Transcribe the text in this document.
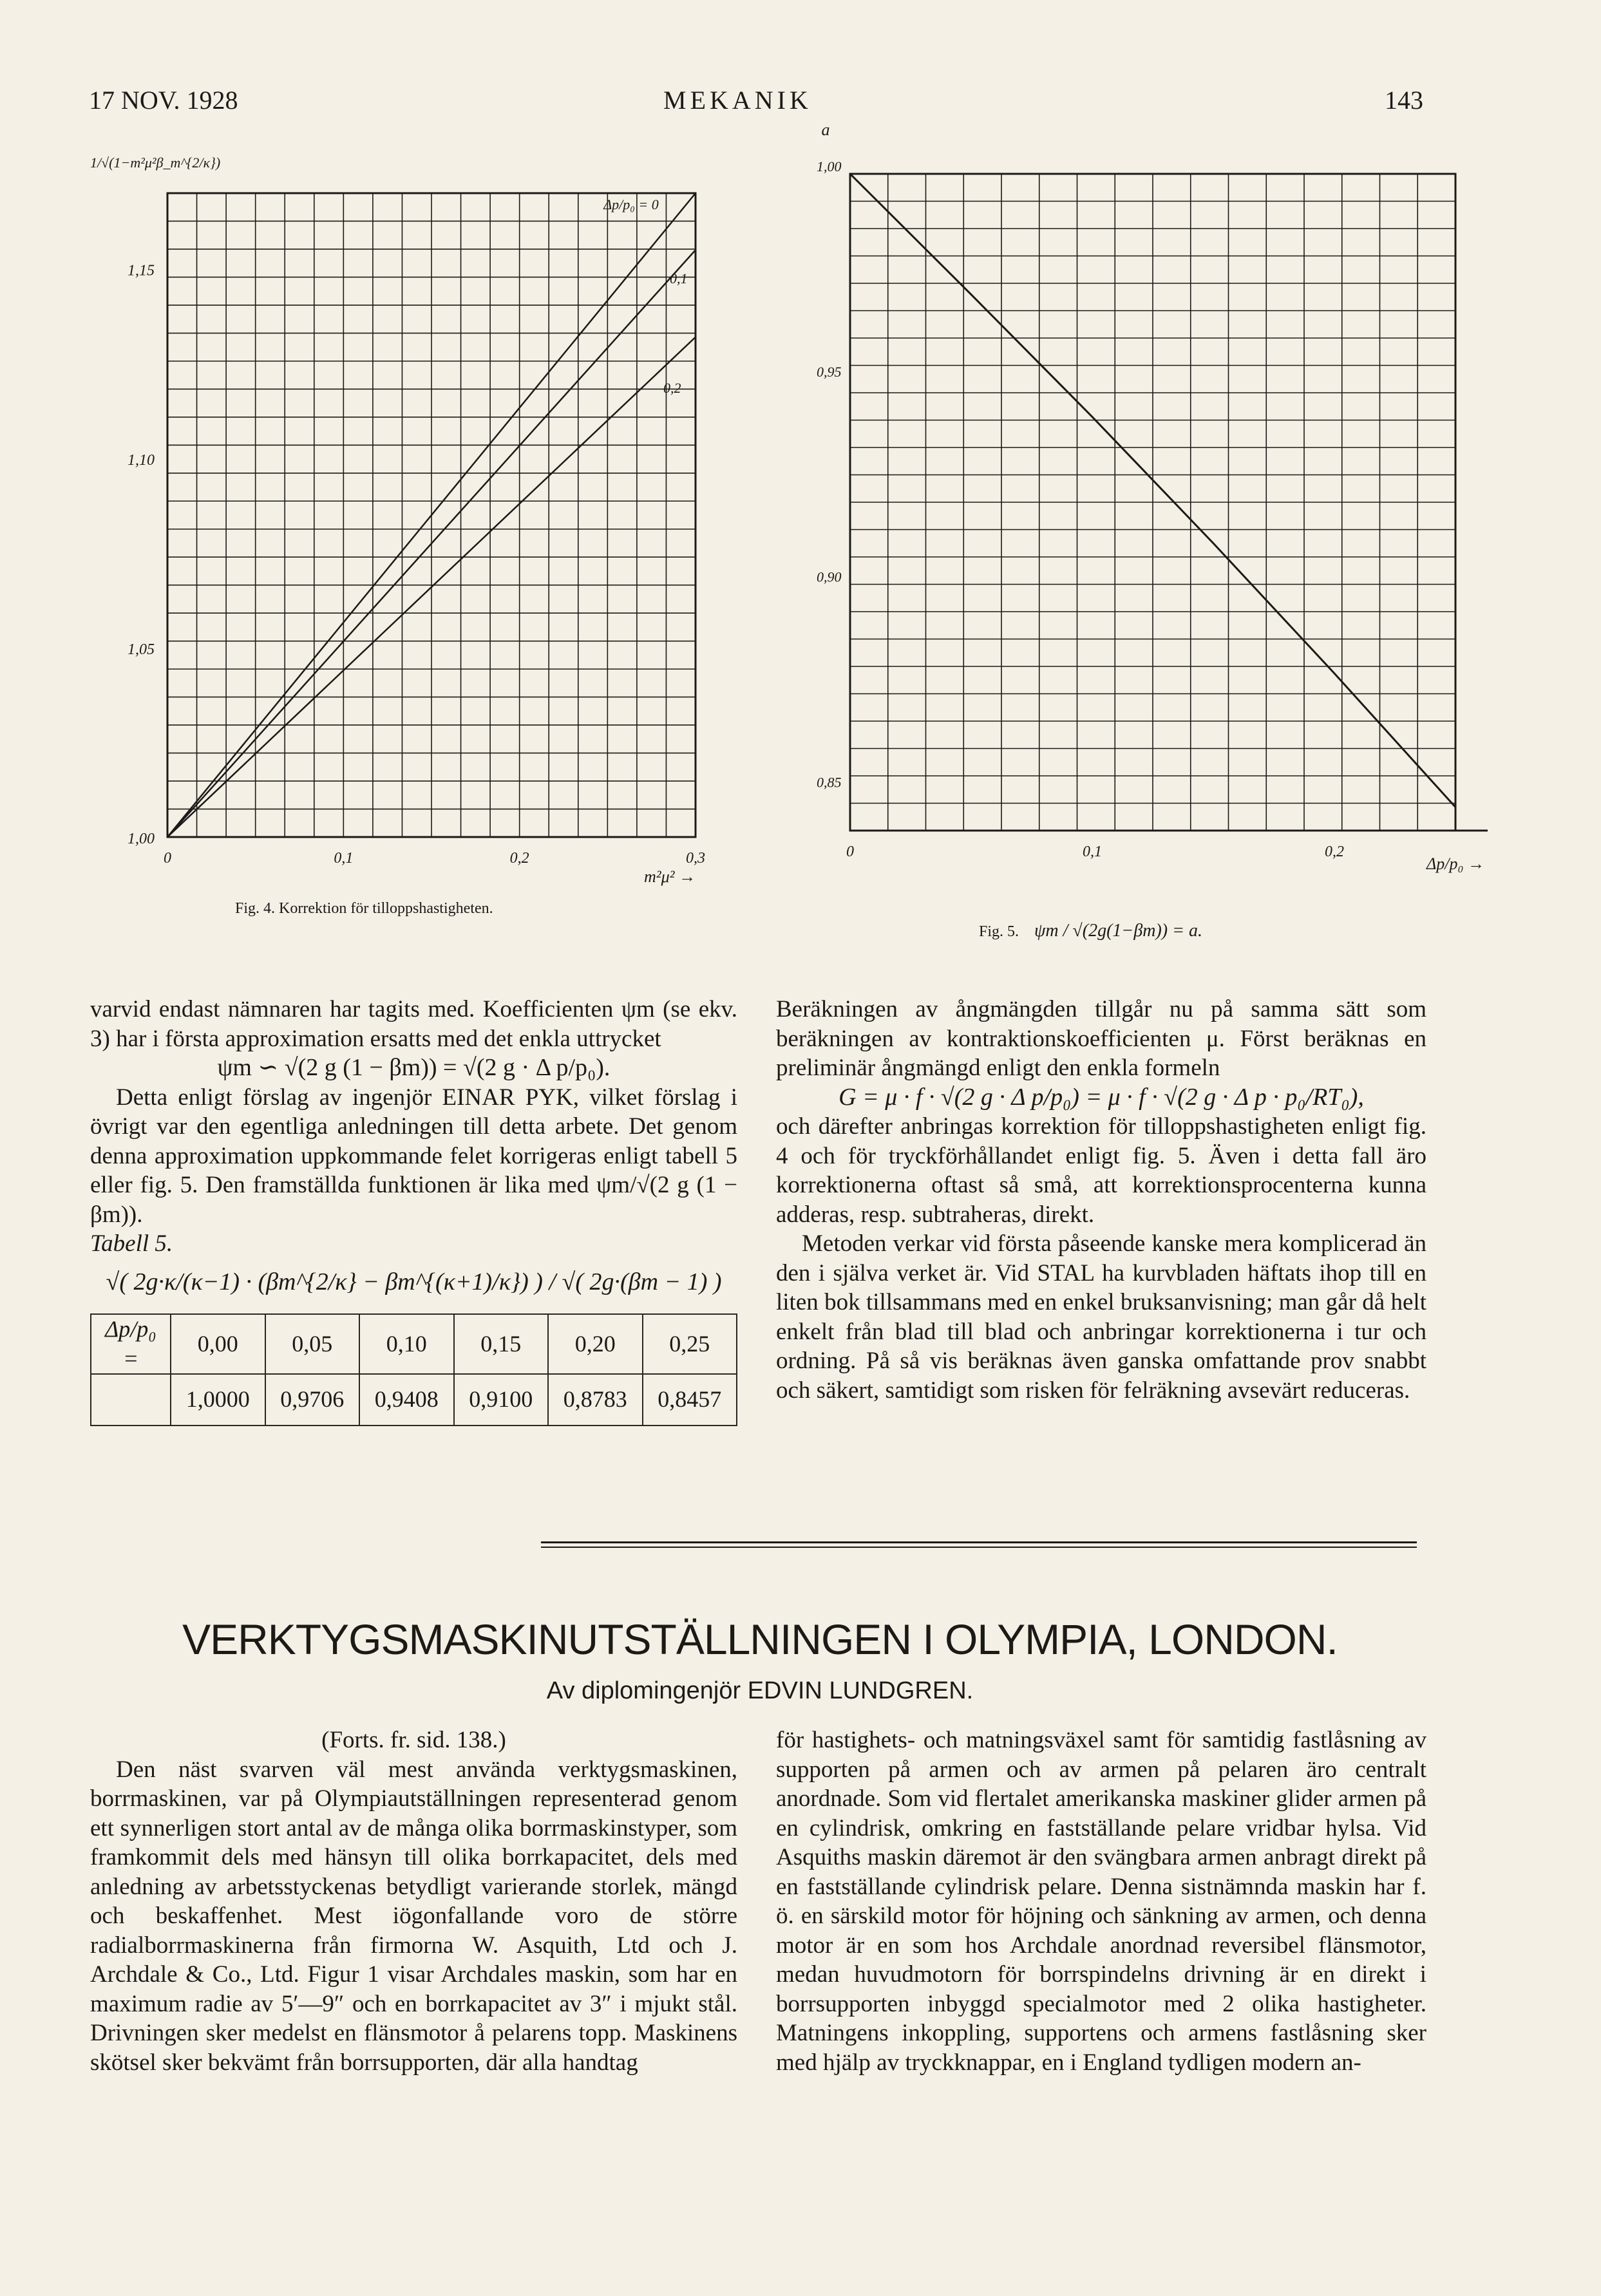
17 NOV. 1928	MEKANIK	143
1,15
1,10
1,05
1,00
0	0,1	0,2	0,3
1/√(1−m²μ²β_m^{2/κ})
m²μ² →
Δp/p₀ = 0
0,1
0,2
Fig. 4. Korrektion för tilloppshastigheten.
1,00
0,95
0,90
0,85
0	0,1	0,2
a
Δp/p₀ →
Fig. 5. ψm / √(2g(1−βm)) = a.

varvid endast nämnaren har tagits med. Koefficienten ψm (se ekv. 3) har i första approximation ersatts med det enkla uttrycket

ψm ∽ √(2 g (1 − βm)) = √(2 g · Δ p/p₀).

Detta enligt förslag av ingenjör EINAR PYK, vilket förslag i övrigt var den egentliga anledningen till detta arbete. Det genom denna approximation uppkommande felet korrigeras enligt tabell 5 eller fig. 5. Den framställda funktionen är lika med ψm/√(2 g (1 − βm)).

Tabell 5.

√( 2g·κ/(κ−1) · (βm^{2/κ} − βm^{(κ+1)/κ}) ) / √( 2g·(βm − 1) )

Δp/p₀ =	0,00	0,05	0,10	0,15	0,20	0,25
	1,0000	0,9706	0,9408	0,9100	0,8783	0,8457

Beräkningen av ångmängden tillgår nu på samma sätt som beräkningen av kontraktionskoefficienten μ. Först beräknas en preliminär ångmängd enligt den enkla formeln

G = μ · f · √(2 g · Δ p/p₀) = μ · f · √(2 g · Δ p · p₀/RT₀),

och därefter anbringas korrektion för tilloppshastigheten enligt fig. 4 och för tryckförhållandet enligt fig. 5. Även i detta fall äro korrektionerna oftast så små, att korrektionsprocenterna kunna adderas, resp. subtraheras, direkt.

Metoden verkar vid första påseende kanske mera komplicerad än den i själva verket är. Vid STAL ha kurvbladen häftats ihop till en liten bok tillsammans med en enkel bruksanvisning; man går då helt enkelt från blad till blad och anbringar korrektionerna i tur och ordning. På så vis beräknas även ganska omfattande prov snabbt och säkert, samtidigt som risken för felräkning avsevärt reduceras.

VERKTYGSMASKINUTSTÄLLNINGEN I OLYMPIA, LONDON.
Av diplomingenjör EDVIN LUNDGREN.

(Forts. fr. sid. 138.)

Den näst svarven väl mest använda verktygsmaskinen, borrmaskinen, var på Olympiautställningen representerad genom ett synnerligen stort antal av de många olika borrmaskinstyper, som framkommit dels med hänsyn till olika borrkapacitet, dels med anledning av arbetsstyckenas betydligt varierande storlek, mängd och beskaffenhet. Mest iögonfallande voro de större radialborrmaskinerna från firmorna W. Asquith, Ltd och J. Archdale & Co., Ltd. Figur 1 visar Archdales maskin, som har en maximum radie av 5′—9″ och en borrkapacitet av 3″ i mjukt stål. Drivningen sker medelst en flänsmotor å pelarens topp. Maskinens skötsel sker bekvämt från borrsupporten, där alla handtag

för hastighets- och matningsväxel samt för samtidig fastlåsning av supporten på armen och av armen på pelaren äro centralt anordnade. Som vid flertalet amerikanska maskiner glider armen på en cylindrisk, omkring en fastställande pelare vridbar hylsa. Vid Asquiths maskin däremot är den svängbara armen anbragt direkt på en fastställande cylindrisk pelare. Denna sistnämnda maskin har f. ö. en särskild motor för höjning och sänkning av armen, och denna motor är en som hos Archdale anordnad reversibel flänsmotor, medan huvudmotorn för borrspindelns drivning är en direkt i borrsupporten inbyggd specialmotor med 2 olika hastigheter. Matningens inkoppling, supportens och armens fastlåsning sker med hjälp av tryckknappar, en i England tydligen modern an-
